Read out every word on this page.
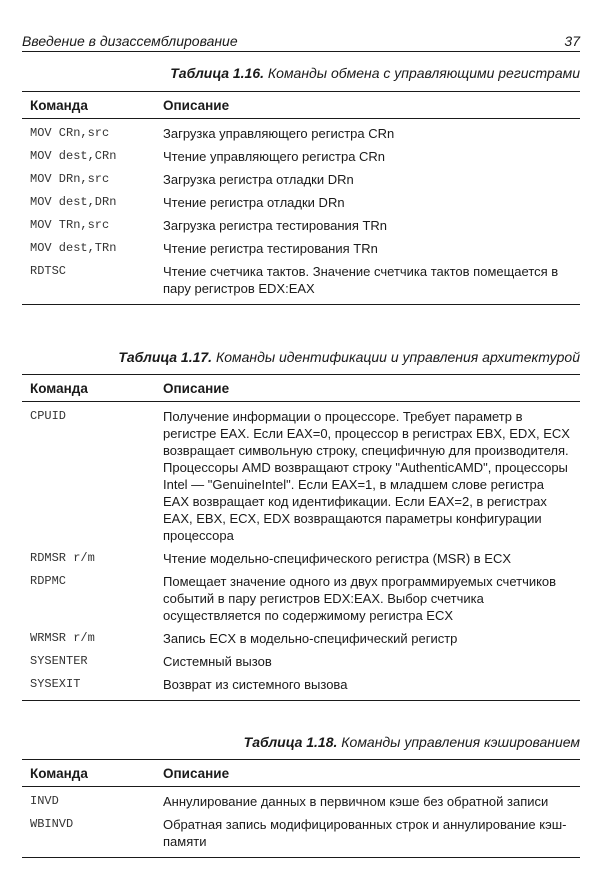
Введение в дизассемблирование	37
Таблица 1.16. Команды обмена с управляющими регистрами
Команда	Описание
MOV CRn,src	Загрузка управляющего регистра CRn
MOV dest,CRn	Чтение управляющего регистра CRn
MOV DRn,src	Загрузка регистра отладки DRn
MOV dest,DRn	Чтение регистра отладки DRn
MOV TRn,src	Загрузка регистра тестирования TRn
MOV dest,TRn	Чтение регистра тестирования TRn
RDTSC	Чтение счетчика тактов. Значение счетчика тактов помещается в пару регистров EDX:EAX
Таблица 1.17. Команды идентификации и управления архитектурой
Команда	Описание
CPUID	Получение информации о процессоре. Требует параметр в регистре EAX. Если EAX=0, процессор в регистрах EBX, EDX, ECX возвращает символьную строку, специфичную для производителя. Процессоры AMD возвращают строку "AuthenticAMD", процессоры Intel — "GenuineIntel". Если EAX=1, в младшем слове регистра EAX возвращает код идентификации. Если EAX=2, в регистрах EAX, EBX, ECX, EDX возвращаются параметры конфигурации процессора
RDMSR r/m	Чтение модельно-специфического регистра (MSR) в ECX
RDPMC	Помещает значение одного из двух программируемых счетчиков событий в пару регистров EDX:EAX. Выбор счетчика осуществляется по содержимому регистра ECX
WRMSR r/m	Запись ECX в модельно-специфический регистр
SYSENTER	Системный вызов
SYSEXIT	Возврат из системного вызова
Таблица 1.18. Команды управления кэшированием
Команда	Описание
INVD	Аннулирование данных в первичном кэше без обратной записи
WBINVD	Обратная запись модифицированных строк и аннулирование кэш-памяти
